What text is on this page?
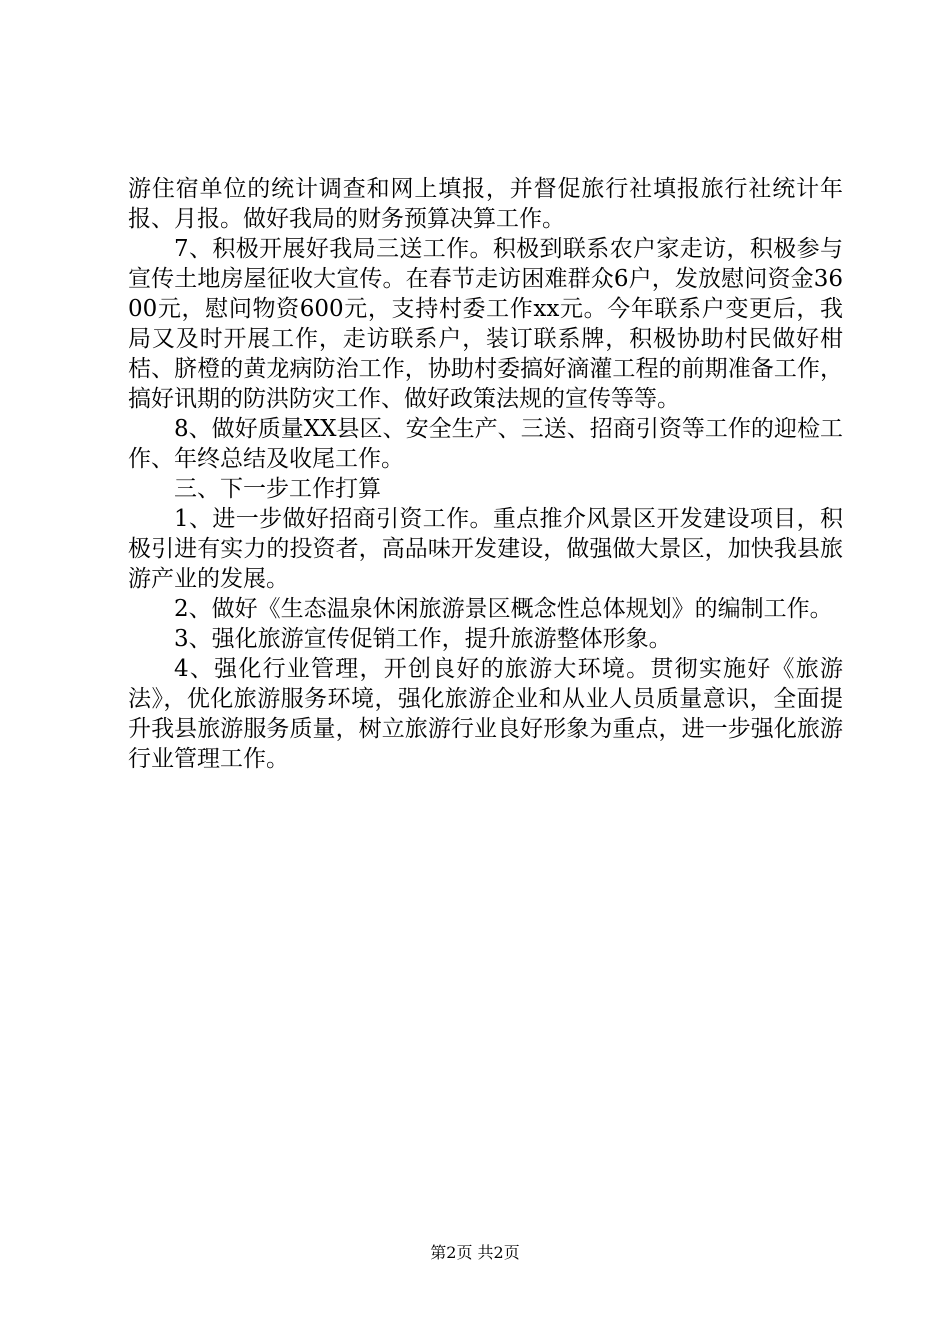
游住宿单位的统计调查和网上填报，并督促旅行社填报旅行社统计年报、月报。做好我局的财务预算决算工作。

7、积极开展好我局三送工作。积极到联系农户家走访，积极参与宣传土地房屋征收大宣传。在春节走访困难群众6户，发放慰问资金3600元，慰问物资600元，支持村委工作xx元。今年联系户变更后，我局又及时开展工作，走访联系户，装订联系牌，积极协助村民做好柑桔、脐橙的黄龙病防治工作，协助村委搞好滴灌工程的前期准备工作，搞好讯期的防洪防灾工作、做好政策法规的宣传等等。

8、做好质量XX县区、安全生产、三送、招商引资等工作的迎检工作、年终总结及收尾工作。

三、下一步工作打算

1、进一步做好招商引资工作。重点推介风景区开发建设项目，积极引进有实力的投资者，高品味开发建设，做强做大景区，加快我县旅游产业的发展。

2、做好《生态温泉休闲旅游景区概念性总体规划》的编制工作。

3、强化旅游宣传促销工作，提升旅游整体形象。

4、强化行业管理，开创良好的旅游大环境。贯彻实施好《旅游法》，优化旅游服务环境，强化旅游企业和从业人员质量意识，全面提升我县旅游服务质量，树立旅游行业良好形象为重点，进一步强化旅游行业管理工作。

第2页 共2页
